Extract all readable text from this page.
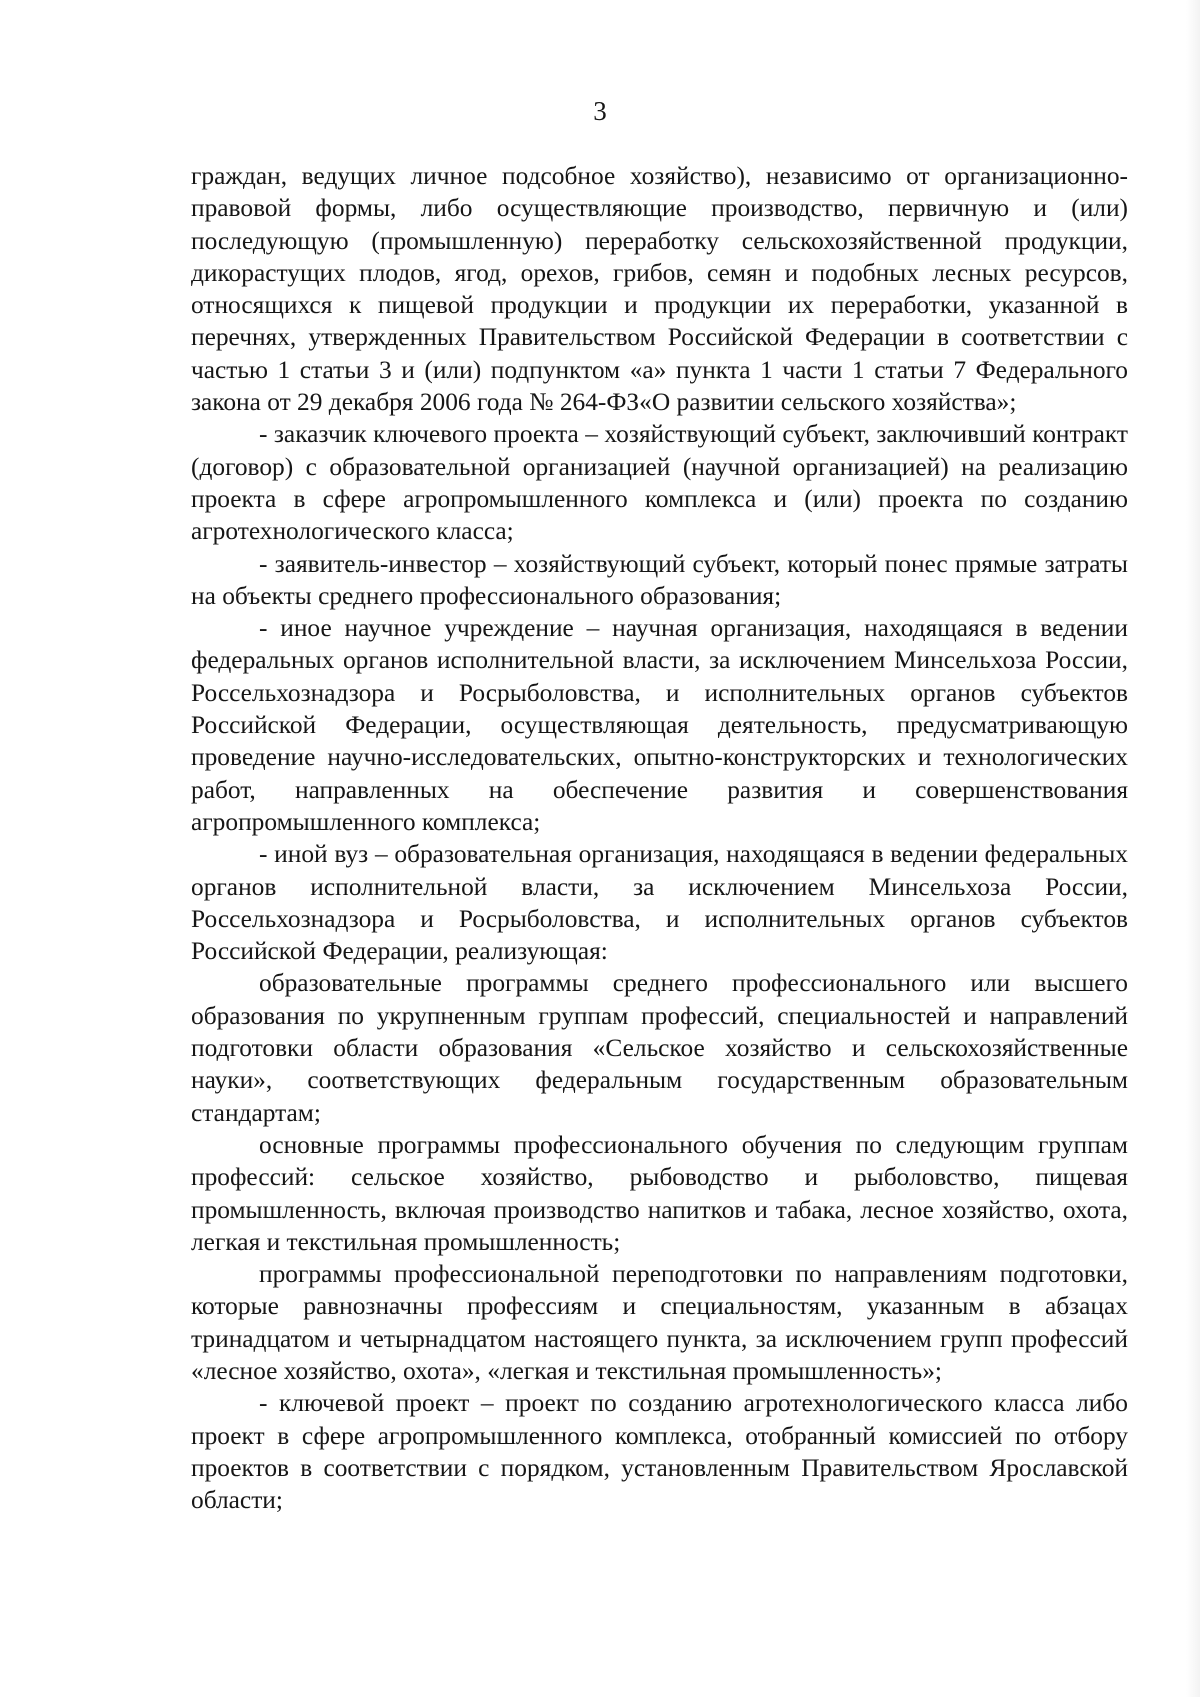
3

граждан, ведущих личное подсобное хозяйство), независимо от организационно-правовой формы, либо осуществляющие производство, первичную и (или) последующую (промышленную) переработку сельскохозяйственной продукции, дикорастущих плодов, ягод, орехов, грибов, семян и подобных лесных ресурсов, относящихся к пищевой продукции и продукции их переработки, указанной в перечнях, утвержденных Правительством Российской Федерации в соответствии с частью 1 статьи 3 и (или) подпунктом «а» пункта 1 части 1 статьи 7 Федерального закона от 29 декабря 2006 года № 264-ФЗ«О развитии сельского хозяйства»;

- заказчик ключевого проекта – хозяйствующий субъект, заключивший контракт (договор) с образовательной организацией (научной организацией) на реализацию проекта в сфере агропромышленного комплекса и (или) проекта по созданию агротехнологического класса;

- заявитель-инвестор – хозяйствующий субъект, который понес прямые затраты на объекты среднего профессионального образования;

- иное научное учреждение – научная организация, находящаяся в ведении федеральных органов исполнительной власти, за исключением Минсельхоза России, Россельхознадзора и Росрыболовства, и исполнительных органов субъектов Российской Федерации, осуществляющая деятельность, предусматривающую проведение научно-исследовательских, опытно-конструкторских и технологических работ, направленных на обеспечение развития и совершенствования агропромышленного комплекса;

- иной вуз – образовательная организация, находящаяся в ведении федеральных органов исполнительной власти, за исключением Минсельхоза России, Россельхознадзора и Росрыболовства, и исполнительных органов субъектов Российской Федерации, реализующая:

образовательные программы среднего профессионального или высшего образования по укрупненным группам профессий, специальностей и направлений подготовки области образования «Сельское хозяйство и сельскохозяйственные науки», соответствующих федеральным государственным образовательным стандартам;

основные программы профессионального обучения по следующим группам профессий: сельское хозяйство, рыбоводство и рыболовство, пищевая промышленность, включая производство напитков и табака, лесное хозяйство, охота, легкая и текстильная промышленность;

программы профессиональной переподготовки по направлениям подготовки, которые равнозначны профессиям и специальностям, указанным в абзацах тринадцатом и четырнадцатом настоящего пункта, за исключением групп профессий «лесное хозяйство, охота», «легкая и текстильная промышленность»;

- ключевой проект – проект по созданию агротехнологического класса либо проект в сфере агропромышленного комплекса, отобранный комиссией по отбору проектов в соответствии с порядком, установленным Правительством Ярославской области;
